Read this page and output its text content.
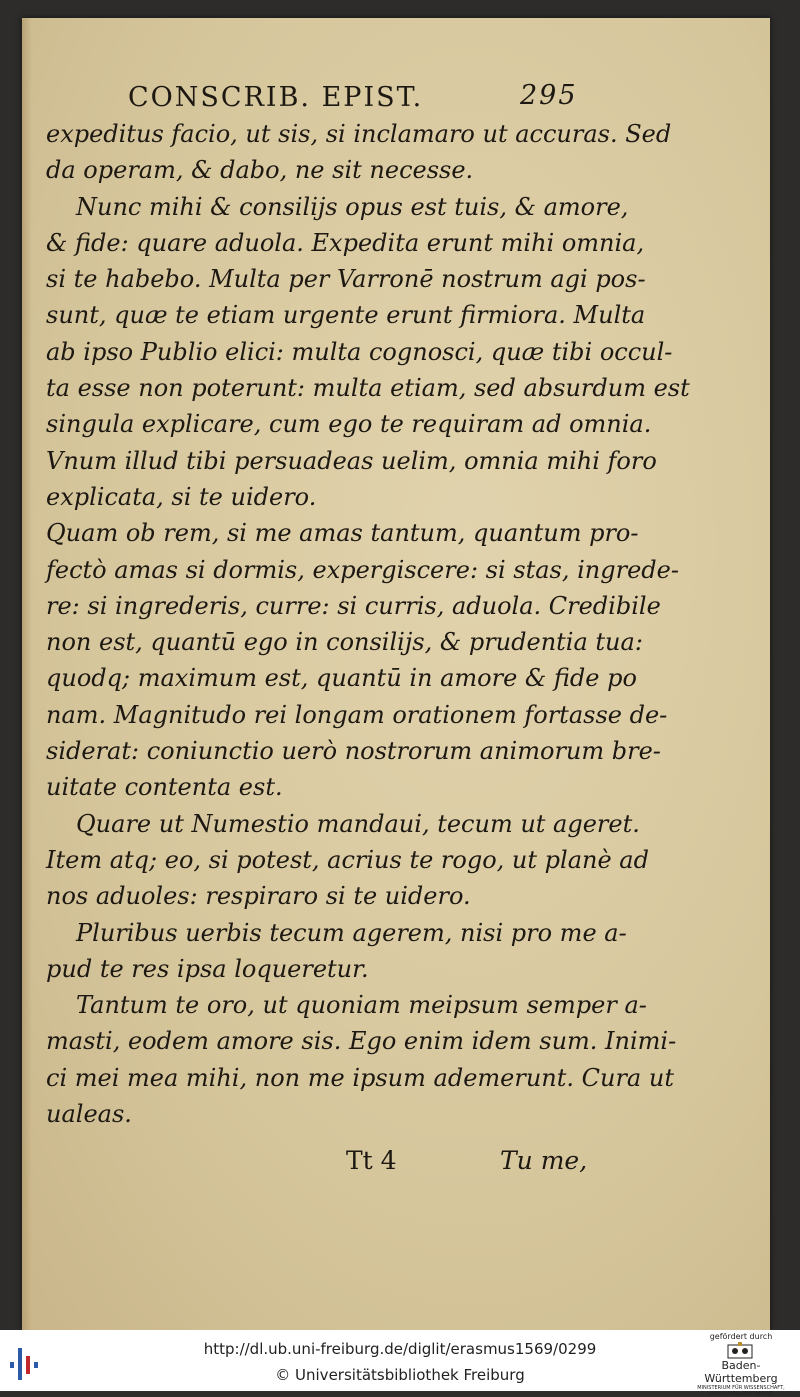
CONSCRIB. EPIST.	295
expeditus facio, ut sis, si inclamaro ut accuras. Sed
da operam, & dabo, ne sit necesse.
Nunc mihi & consilijs opus est tuis, & amore,
& fide: quare aduola. Expedita erunt mihi omnia,
si te habebo. Multa per Varronē nostrum agi pos-
sunt, quæ te etiam urgente erunt firmiora. Multa
ab ipso Publio elici: multa cognosci, quæ tibi occul-
ta esse non poterunt: multa etiam, sed absurdum est
singula explicare, cum ego te requiram ad omnia.
Vnum illud tibi persuadeas uelim, omnia mihi foro
explicata, si te uidero.
Quam ob rem, si me amas tantum, quantum pro-
fectò amas si dormis, expergiscere: si stas, ingrede-
re: si ingrederis, curre: si curris, aduola. Credibile
non est, quantū ego in consilijs, & prudentia tua:
quodq; maximum est, quantū in amore & fide po
nam. Magnitudo rei longam orationem fortasse de-
siderat: coniunctio uerò nostrorum animorum bre-
uitate contenta est.
Quare ut Numestio mandaui, tecum ut ageret.
Item atq; eo, si potest, acrius te rogo, ut planè ad
nos aduoles: respiraro si te uidero.
Pluribus uerbis tecum agerem, nisi pro me a-
pud te res ipsa loqueretur.
Tantum te oro, ut quoniam meipsum semper a-
masti, eodem amore sis. Ego enim idem sum. Inimi-
ci mei mea mihi, non me ipsum ademerunt. Cura ut
ualeas.
Tt 4	Tu me,
http://dl.ub.uni-freiburg.de/diglit/erasmus1569/0299
© Universitätsbibliothek Freiburg
gefördert durch
Baden-Württemberg
MINISTERIUM FÜR WISSENSCHAFT, FORSCHUNG UND KUNST
